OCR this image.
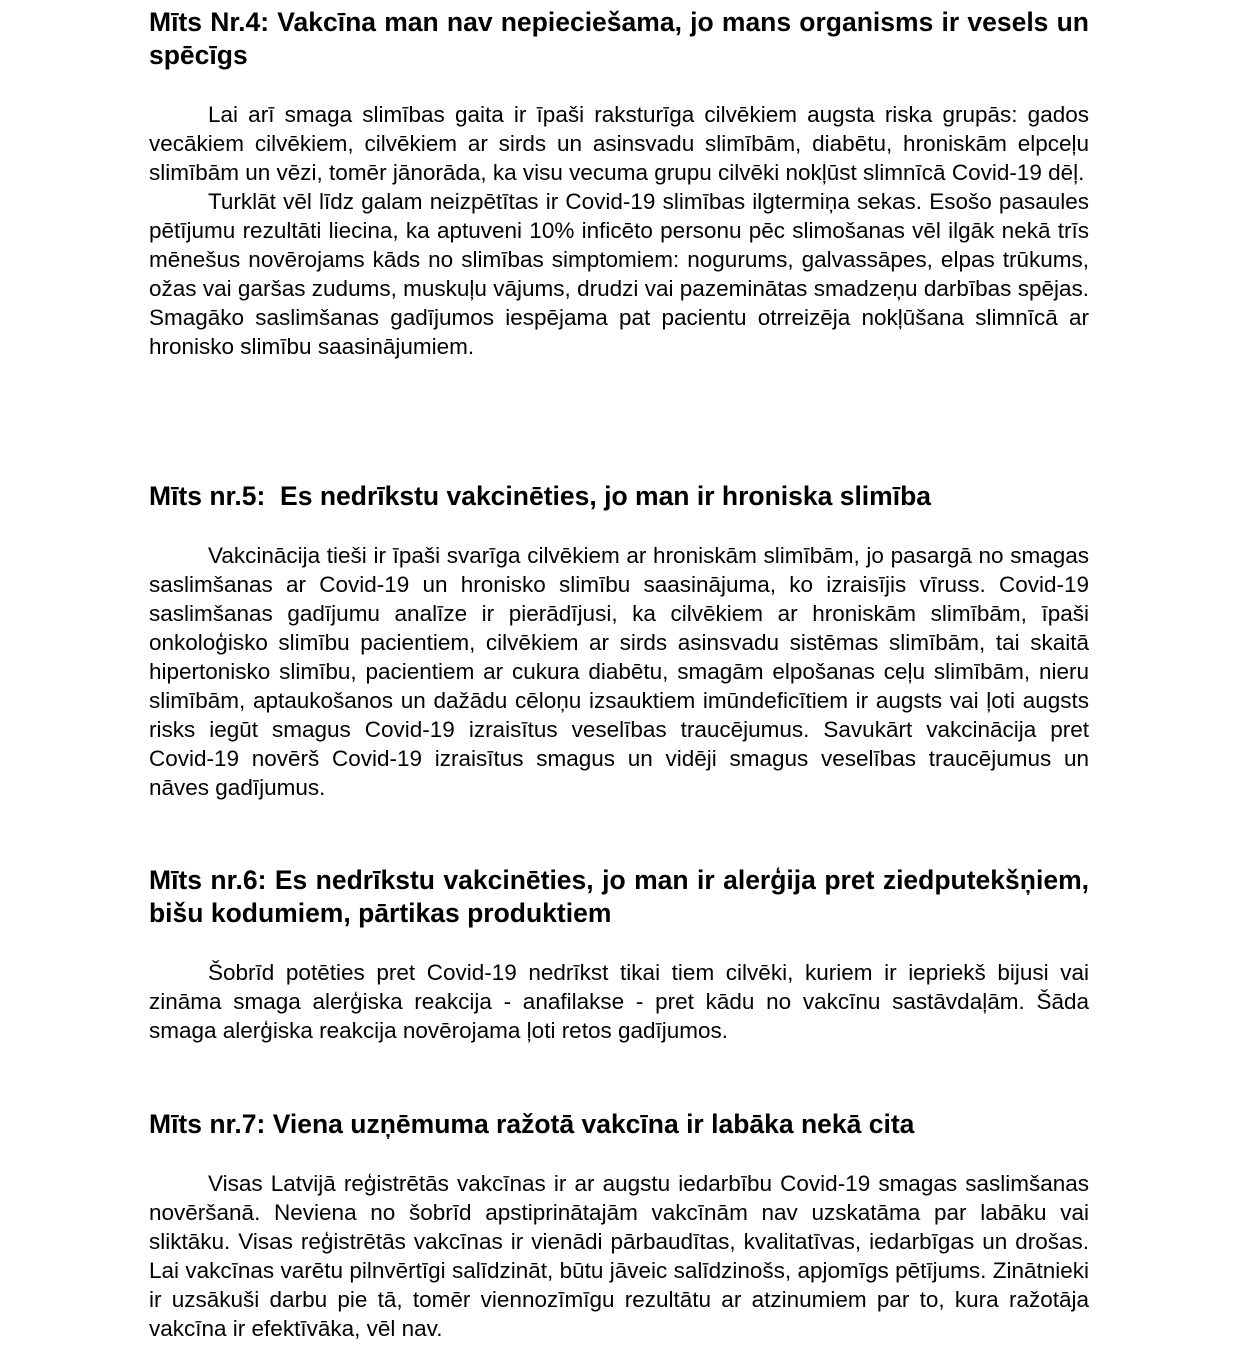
Mīts Nr.4: Vakcīna man nav nepieciešama, jo mans organisms ir vesels un spēcīgs

Lai arī smaga slimības gaita ir īpaši raksturīga cilvēkiem augsta riska grupās: gados vecākiem cilvēkiem, cilvēkiem ar sirds un asinsvadu slimībām, diabētu, hroniskām elpceļu slimībām un vēzi, tomēr jānorāda, ka visu vecuma grupu cilvēki nokļūst slimnīcā Covid-19 dēļ.

Turklāt vēl līdz galam neizpētītas ir Covid-19 slimības ilgtermiņa sekas. Esošo pasaules pētījumu rezultāti liecina, ka aptuveni 10% inficēto personu pēc slimošanas vēl ilgāk nekā trīs mēnešus novērojams kāds no slimības simptomiem: nogurums, galvassāpes, elpas trūkums, ožas vai garšas zudums, muskuļu vājums, drudzi vai pazeminātas smadzeņu darbības spējas. Smagāko saslimšanas gadījumos iespējama pat pacientu otrreizēja nokļūšana slimnīcā ar hronisko slimību saasinājumiem.

Mīts nr.5:  Es nedrīkstu vakcinēties, jo man ir hroniska slimība

Vakcinācija tieši ir īpaši svarīga cilvēkiem ar hroniskām slimībām, jo pasargā no smagas saslimšanas ar Covid-19 un hronisko slimību saasinājuma, ko izraisījis vīruss. Covid-19 saslimšanas gadījumu analīze ir pierādījusi, ka cilvēkiem ar hroniskām slimībām, īpaši onkoloģisko slimību pacientiem, cilvēkiem ar sirds asinsvadu sistēmas slimībām, tai skaitā hipertonisko slimību, pacientiem ar cukura diabētu, smagām elpošanas ceļu slimībām, nieru slimībām, aptaukošanos un dažādu cēloņu izsauktiem imūndeficītiem ir augsts vai ļoti augsts risks iegūt smagus Covid-19 izraisītus veselības traucējumus. Savukārt vakcinācija pret Covid-19 novērš Covid-19 izraisītus smagus un vidēji smagus veselības traucējumus un nāves gadījumus.

Mīts nr.6: Es nedrīkstu vakcinēties, jo man ir alerģija pret ziedputekšņiem, bišu kodumiem, pārtikas produktiem

Šobrīd potēties pret Covid-19 nedrīkst tikai tiem cilvēki, kuriem ir iepriekš bijusi vai zināma smaga alerģiska reakcija - anafilakse - pret kādu no vakcīnu sastāvdaļām. Šāda smaga alerģiska reakcija novērojama ļoti retos gadījumos.

Mīts nr.7: Viena uzņēmuma ražotā vakcīna ir labāka nekā cita

Visas Latvijā reģistrētās vakcīnas ir ar augstu iedarbību Covid-19 smagas saslimšanas novēršanā. Neviena no šobrīd apstiprinātajām vakcīnām nav uzskatāma par labāku vai sliktāku. Visas reģistrētās vakcīnas ir vienādi pārbaudītas, kvalitatīvas, iedarbīgas un drošas. Lai vakcīnas varētu pilnvērtīgi salīdzināt, būtu jāveic salīdzinošs, apjomīgs pētījums. Zinātnieki ir uzsākuši darbu pie tā, tomēr viennozīmīgu rezultātu ar atzinumiem par to, kura ražotāja vakcīna ir efektīvāka, vēl nav.
